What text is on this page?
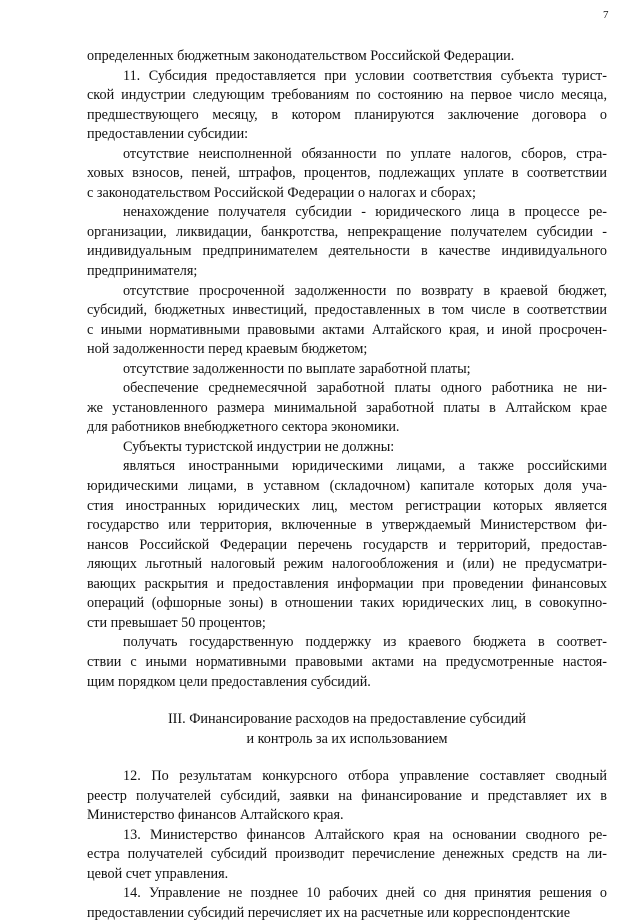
7

определенных бюджетным законодательством Российской Федерации.

11. Субсидия предоставляется при условии соответствия субъекта турист-
ской индустрии следующим требованиям по состоянию на первое число месяца,
предшествующего месяцу, в котором планируются заключение договора о
предоставлении субсидии:

отсутствие неисполненной обязанности по уплате налогов, сборов, стра-
ховых взносов, пеней, штрафов, процентов, подлежащих уплате в соответствии
с законодательством Российской Федерации о налогах и сборах;

ненахождение получателя субсидии - юридического лица в процессе ре-
организации, ликвидации, банкротства, непрекращение получателем субсидии -
индивидуальным предпринимателем деятельности в качестве индивидуального
предпринимателя;

отсутствие просроченной задолженности по возврату в краевой бюджет,
субсидий, бюджетных инвестиций, предоставленных в том числе в соответствии
с иными нормативными правовыми актами Алтайского края, и иной просрочен-
ной задолженности перед краевым бюджетом;

отсутствие задолженности по выплате заработной платы;

обеспечение среднемесячной заработной платы одного работника не ни-
же установленного размера минимальной заработной платы в Алтайском крае
для работников внебюджетного сектора экономики.

Субъекты туристской индустрии не должны:

являться иностранными юридическими лицами, а также российскими
юридическими лицами, в уставном (складочном) капитале которых доля уча-
стия иностранных юридических лиц, местом регистрации которых является
государство или территория, включенные в утверждаемый Министерством фи-
нансов Российской Федерации перечень государств и территорий, предостав-
ляющих льготный налоговый режим налогообложения и (или) не предусматри-
вающих раскрытия и предоставления информации при проведении финансовых
операций (офшорные зоны) в отношении таких юридических лиц, в совокупно-
сти превышает 50 процентов;

получать государственную поддержку из краевого бюджета в соответ-
ствии с иными нормативными правовыми актами на предусмотренные настоя-
щим порядком цели предоставления субсидий.

III. Финансирование расходов на предоставление субсидий
и контроль за их использованием

12. По результатам конкурсного отбора управление составляет сводный
реестр получателей субсидий, заявки на финансирование и представляет их в
Министерство финансов Алтайского края.

13. Министерство финансов Алтайского края на основании сводного ре-
естра получателей субсидий производит перечисление денежных средств на ли-
цевой счет управления.

14. Управление не позднее 10 рабочих дней со дня принятия решения о
предоставлении субсидий перечисляет их на расчетные или корреспондентские
